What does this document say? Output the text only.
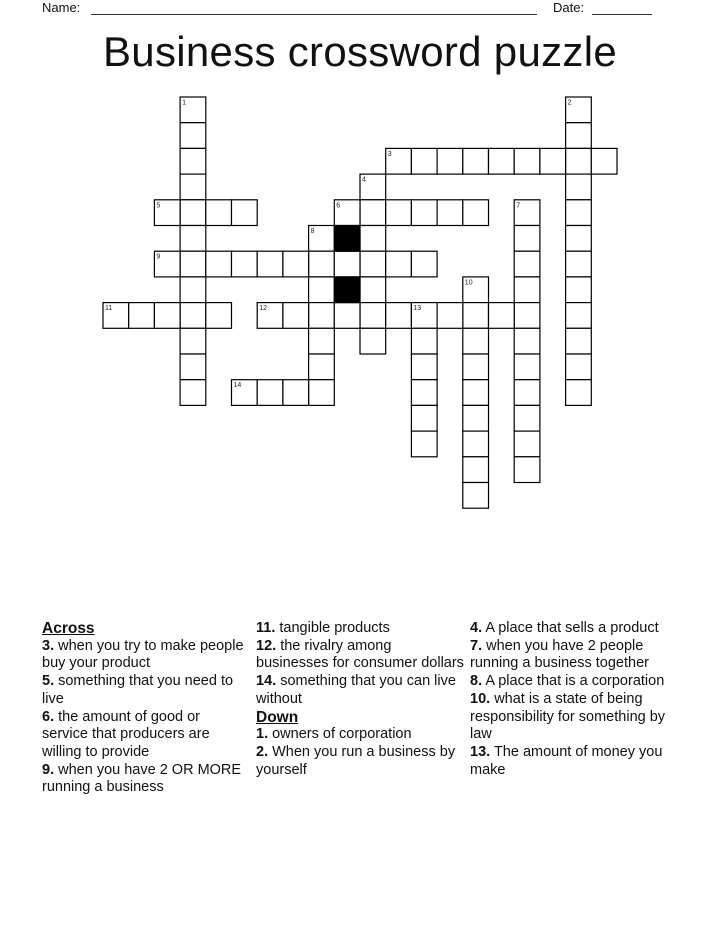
Name:	Date:
Business crossword puzzle
1	2
3
4
5	6	7
8
9
10
11	12	13
14
Across
3. when you try to make people buy your product
5. something that you need to live
6. the amount of good or service that producers are willing to provide
9. when you have 2 OR MORE running a business
11. tangible products
12. the rivalry among businesses for consumer dollars
14. something that you can live without
Down
1. owners of corporation
2. When you run a business by yourself
4. A place that sells a product
7. when you have 2 people running a business together
8. A place that is a corporation
10. what is a state of being responsibility for something by law
13. The amount of money you make
